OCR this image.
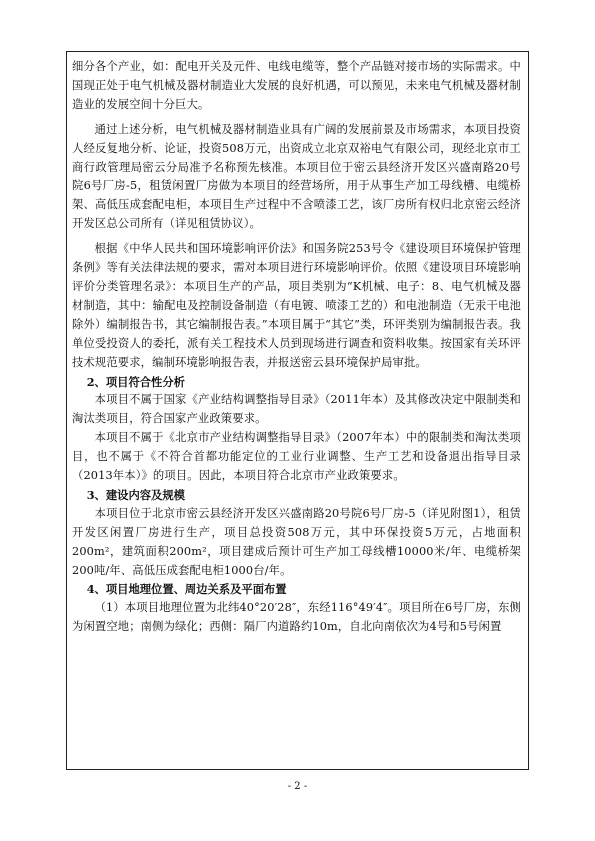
细分各个产业，如：配电开关及元件、电线电缆等，整个产品链对接市场的实际需求。中国现正处于电气机械及器材制造业大发展的良好机遇，可以预见，未来电气机械及器材制造业的发展空间十分巨大。

通过上述分析，电气机械及器材制造业具有广阔的发展前景及市场需求，本项目投资人经反复地分析、论证，投资508万元，出资成立北京双裕电气有限公司，现经北京市工商行政管理局密云分局准予名称预先核准。本项目位于密云县经济开发区兴盛南路20号院6号厂房-5，租赁闲置厂房做为本项目的经营场所，用于从事生产加工母线槽、电缆桥架、高低压成套配电柜，本项目生产过程中不含喷漆工艺，该厂房所有权归北京密云经济开发区总公司所有（详见租赁协议）。

根据《中华人民共和国环境影响评价法》和国务院253号令《建设项目环境保护管理条例》等有关法律法规的要求，需对本项目进行环境影响评价。依照《建设项目环境影响评价分类管理名录》：本项目生产的产品，项目类别为“K机械、电子：8、电气机械及器材制造，其中：输配电及控制设备制造（有电镀、喷漆工艺的）和电池制造（无汞干电池除外）编制报告书，其它编制报告表。”本项目属于“其它”类，环评类别为编制报告表。我单位受投资人的委托，派有关工程技术人员到现场进行调查和资料收集。按国家有关环评技术规范要求，编制环境影响报告表，并报送密云县环境保护局审批。

2、项目符合性分析

本项目不属于国家《产业结构调整指导目录》（2011年本）及其修改决定中限制类和淘汰类项目，符合国家产业政策要求。

本项目不属于《北京市产业结构调整指导目录》（2007年本）中的限制类和淘汰类项目，也不属于《不符合首都功能定位的工业行业调整、生产工艺和设备退出指导目录（2013年本）》的项目。因此，本项目符合北京市产业政策要求。

3、建设内容及规模

本项目位于北京市密云县经济开发区兴盛南路20号院6号厂房-5（详见附图1），租赁开发区闲置厂房进行生产，项目总投资508万元，其中环保投资5万元，占地面积200m²，建筑面积200m²，项目建成后预计可生产加工母线槽10000米/年、电缆桥架200吨/年、高低压成套配电柜1000台/年。

4、项目地理位置、周边关系及平面布置

（1）本项目地理位置为北纬40°20′28″，东经116°49′4″。项目所在6号厂房，东侧为闲置空地；南侧为绿化；西侧：隔厂内道路约10m，自北向南依次为4号和5号闲置

- 2 -
